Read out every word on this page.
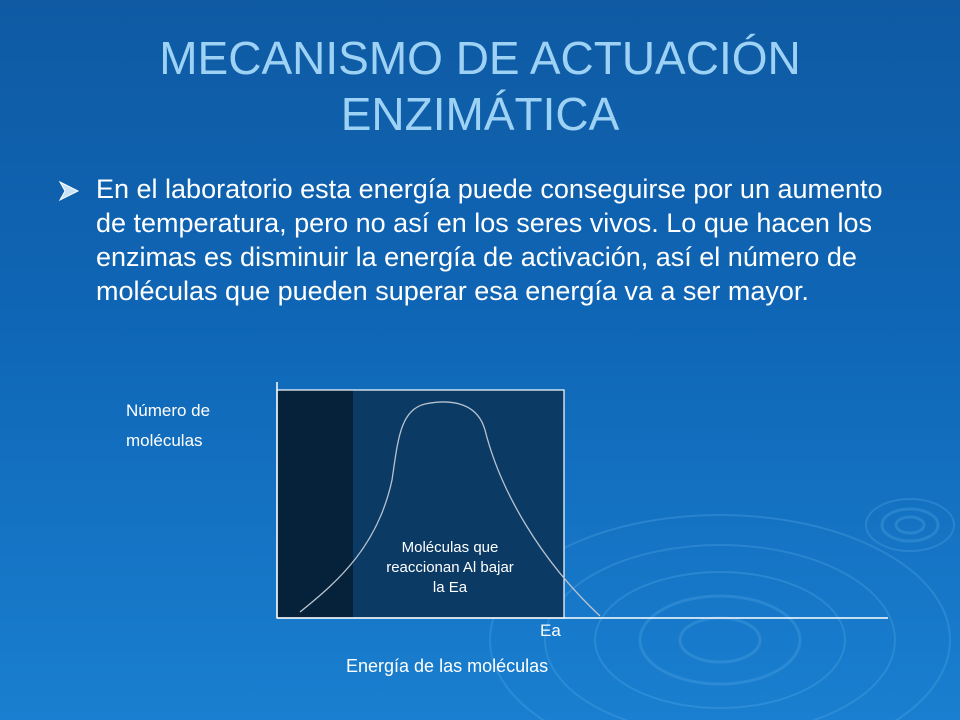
MECANISMO DE ACTUACIÓN ENZIMÁTICA
En el laboratorio esta energía puede conseguirse por un aumento de temperatura, pero no así en los seres vivos. Lo que hacen los enzimas es disminuir la energía de activación, así el número de moléculas que pueden superar esa energía va a ser mayor.
Número de moléculas
Moléculas que reaccionan Al bajar la Ea
Ea
Energía de las moléculas
